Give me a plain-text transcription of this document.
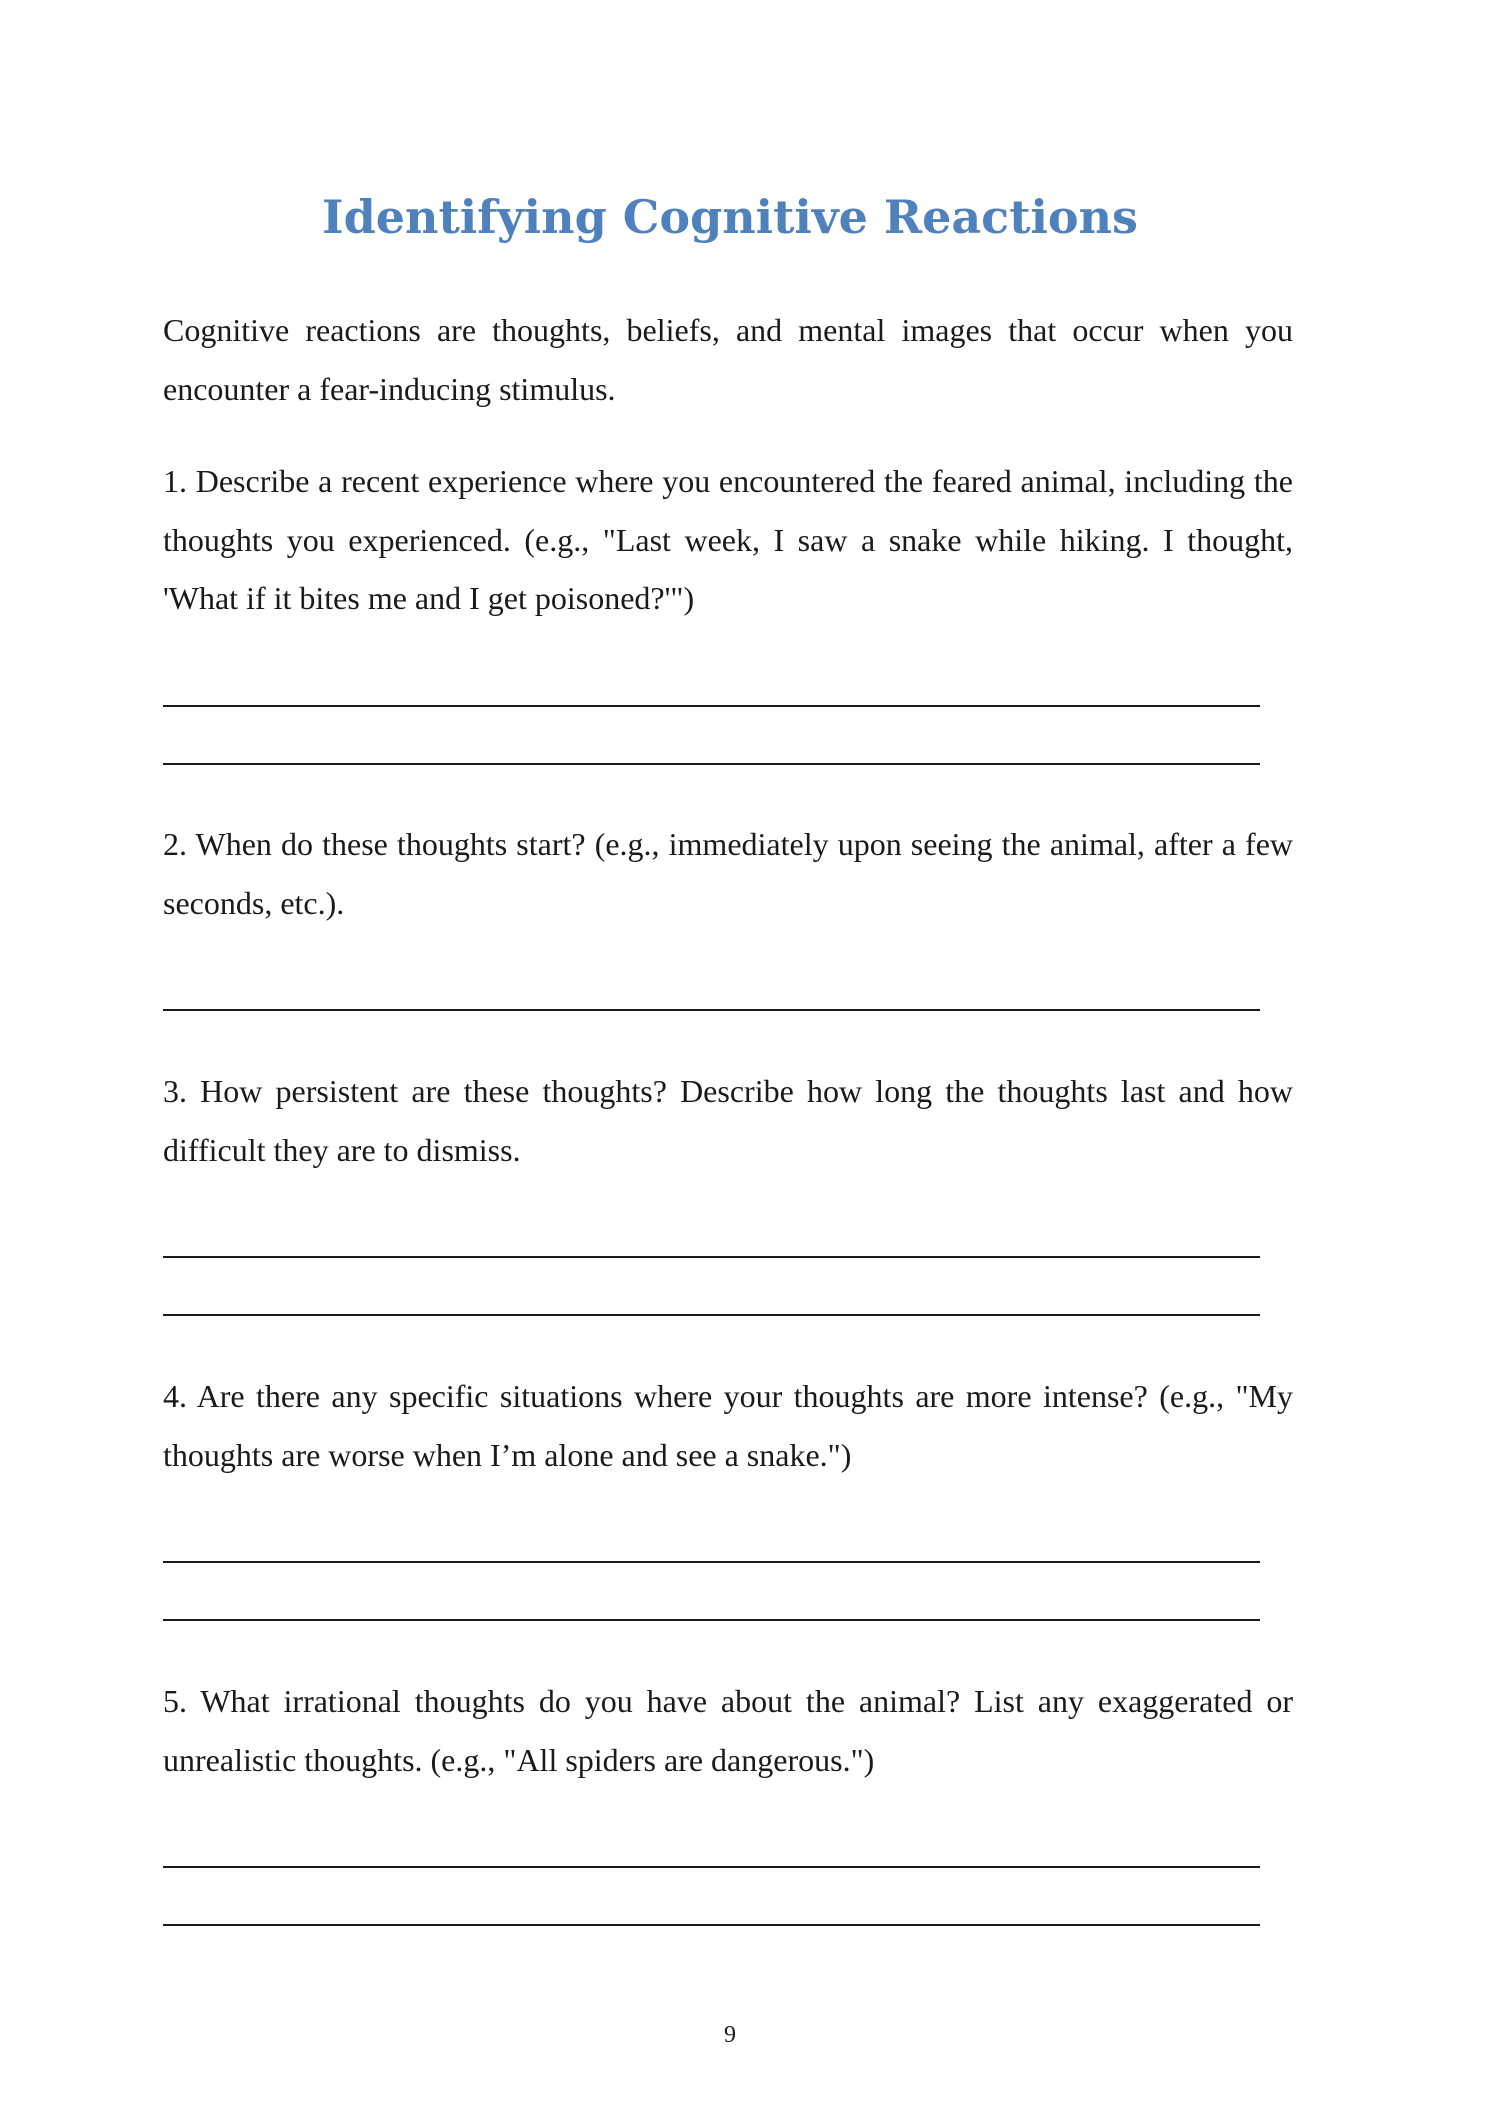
Identifying Cognitive Reactions

Cognitive reactions are thoughts, beliefs, and mental images that occur when you encounter a fear-inducing stimulus.

1. Describe a recent experience where you encountered the feared animal, including the thoughts you experienced. (e.g., "Last week, I saw a snake while hiking. I thought, 'What if it bites me and I get poisoned?'")

2. When do these thoughts start? (e.g., immediately upon seeing the animal, after a few seconds, etc.).

3. How persistent are these thoughts? Describe how long the thoughts last and how difficult they are to dismiss.

4. Are there any specific situations where your thoughts are more intense? (e.g., "My thoughts are worse when I’m alone and see a snake.")

5. What irrational thoughts do you have about the animal? List any exaggerated or unrealistic thoughts. (e.g., "All spiders are dangerous.")

9
